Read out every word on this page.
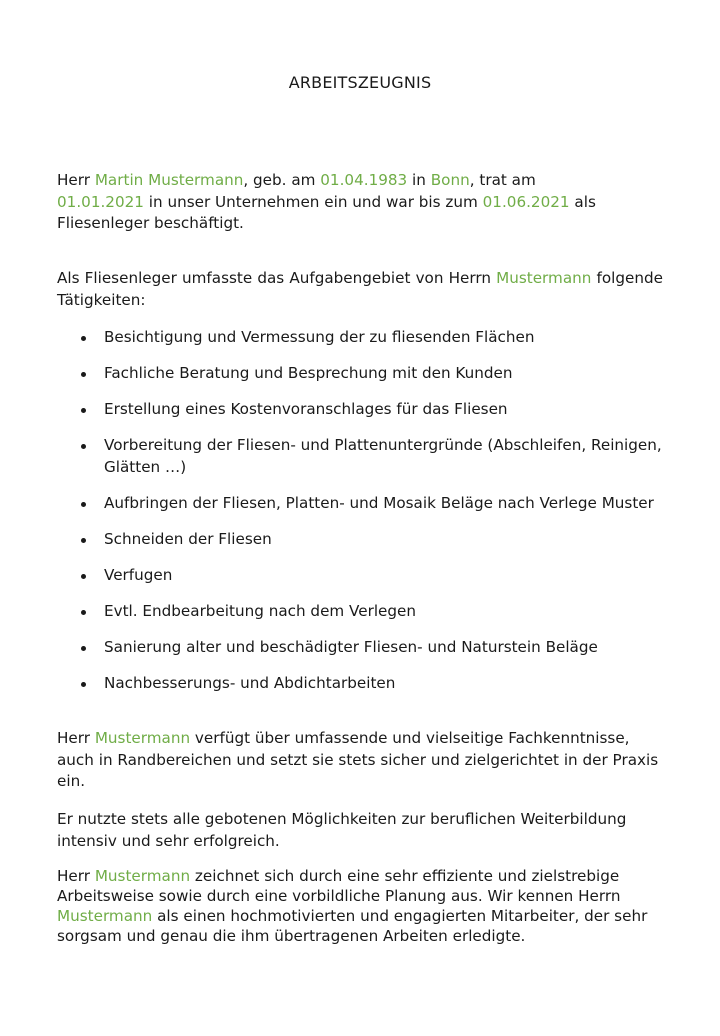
ARBEITSZEUGNIS
Herr Martin Mustermann, geb. am 01.04.1983 in Bonn, trat am
01.01.2021 in unser Unternehmen ein und war bis zum 01.06.2021 als Fliesenleger beschäftigt.
Als Fliesenleger umfasste das Aufgabengebiet von Herrn Mustermann folgende Tätigkeiten:
Besichtigung und Vermessung der zu fliesenden Flächen
Fachliche Beratung und Besprechung mit den Kunden
Erstellung eines Kostenvoranschlages für das Fliesen
Vorbereitung der Fliesen- und Plattenuntergründe (Abschleifen, Reinigen, Glätten …)
Aufbringen der Fliesen, Platten- und Mosaik Beläge nach Verlege Muster
Schneiden der Fliesen
Verfugen
Evtl. Endbearbeitung nach dem Verlegen
Sanierung alter und beschädigter Fliesen- und Naturstein Beläge
Nachbesserungs- und Abdichtarbeiten
Herr Mustermann verfügt über umfassende und vielseitige Fachkenntnisse, auch in Randbereichen und setzt sie stets sicher und zielgerichtet in der Praxis ein.
Er nutzte stets alle gebotenen Möglichkeiten zur beruflichen Weiterbildung intensiv und sehr erfolgreich.
Herr Mustermann zeichnet sich durch eine sehr effiziente und zielstrebige Arbeitsweise sowie durch eine vorbildliche Planung aus. Wir kennen Herrn Mustermann als einen hochmotivierten und engagierten Mitarbeiter, der sehr sorgsam und genau die ihm übertragenen Arbeiten erledigte.
